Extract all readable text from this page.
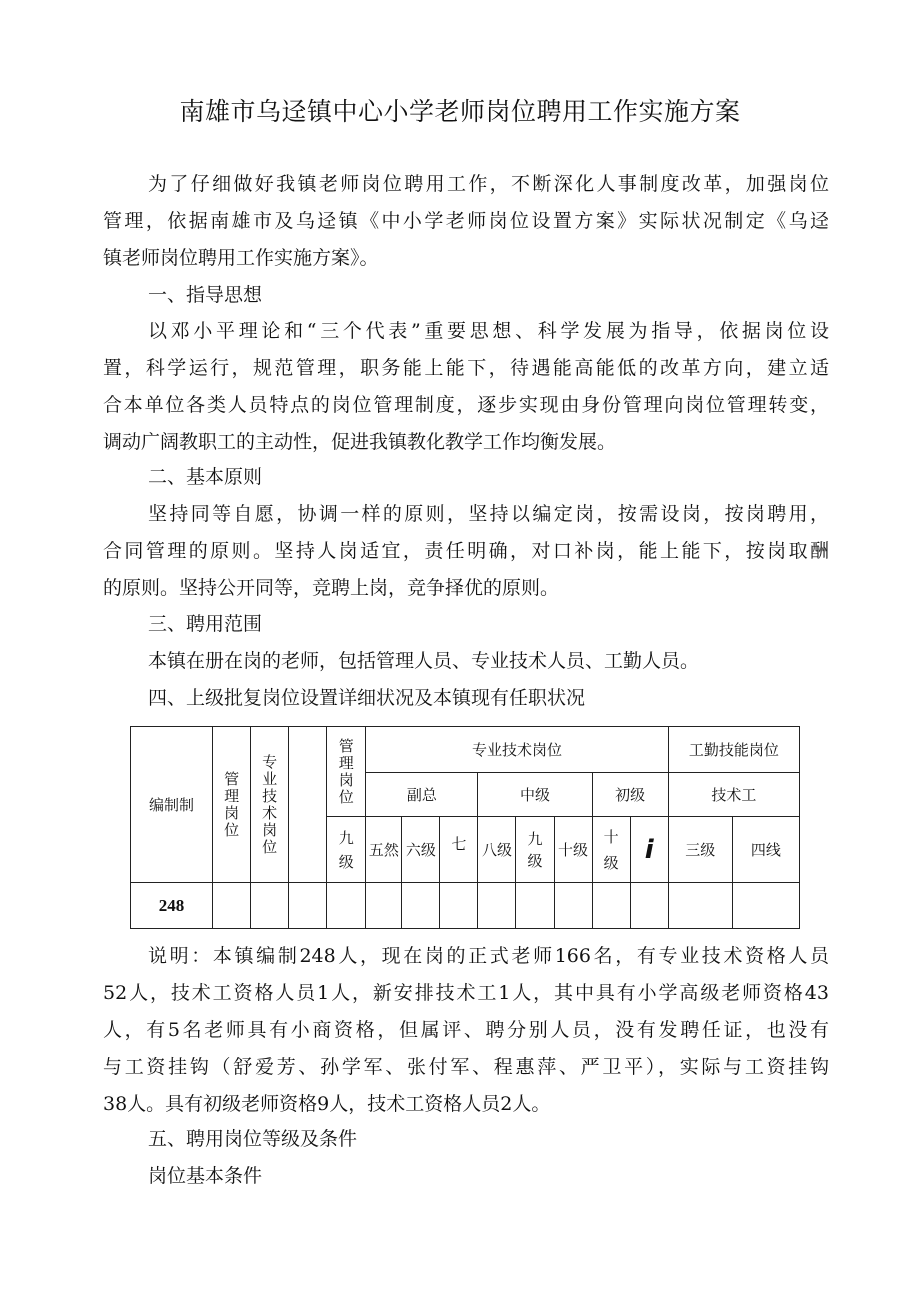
南雄市乌迳镇中心小学老师岗位聘用工作实施方案
为了仔细做好我镇老师岗位聘用工作，不断深化人事制度改革，加强岗位
管理，依据南雄市及乌迳镇《中小学老师岗位设置方案》实际状况制定《乌迳
镇老师岗位聘用工作实施方案》。
一、指导思想
以邓小平理论和“三个代表”重要思想、科学发展为指导，依据岗位设
置，科学运行，规范管理，职务能上能下，待遇能高能低的改革方向，建立适
合本单位各类人员特点的岗位管理制度，逐步实现由身份管理向岗位管理转变，
调动广阔教职工的主动性，促进我镇教化教学工作均衡发展。
二、基本原则
坚持同等自愿，协调一样的原则，坚持以编定岗，按需设岗，按岗聘用，
合同管理的原则。坚持人岗适宜，责任明确，对口补岗，能上能下，按岗取酬
的原则。坚持公开同等，竞聘上岗，竞争择优的原则。
三、聘用范围
本镇在册在岗的老师，包括管理人员、专业技术人员、工勤人员。
四、上级批复岗位设置详细状况及本镇现有任职状况
编制制	管理岗位	专业技术岗位		管理岗位	专业技术岗位								工勤技能岗位	
					副总			中级			初级		技术工	
				九级	五然	六级	七	八级	九级	十级	十级	i	三级	四线
248														
说明：本镇编制248人，现在岗的正式老师166名，有专业技术资格人员
52人，技术工资格人员1人，新安排技术工1人，其中具有小学高级老师资格43
人，有5名老师具有小商资格，但属评、聘分别人员，没有发聘任证，也没有
与工资挂钩（舒爱芳、孙学军、张付军、程惠萍、严卫平），实际与工资挂钩
38人。具有初级老师资格9人，技术工资格人员2人。
五、聘用岗位等级及条件
岗位基本条件
